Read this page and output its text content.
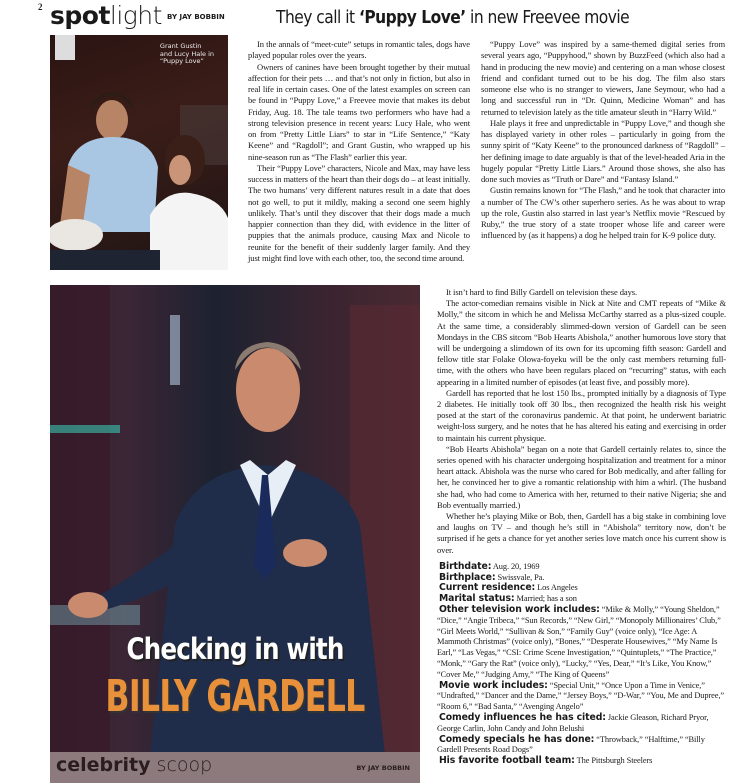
2 spotlight BY JAY BOBBIN	They call it ‘Puppy Love’ in new Freevee movie
Grant Gustin
and Lucy Hale in
“Puppy Love”

In the annals of “meet-cute” setups in romantic tales, dogs have played popular roles over the years.

Owners of canines have been brought together by their mutual affection for their pets … and that’s not only in fiction, but also in real life in certain cases. One of the latest examples on screen can be found in “Puppy Love,” a Freevee movie that makes its debut Friday, Aug. 18. The tale teams two performers who have had a strong television presence in recent years: Lucy Hale, who went on from “Pretty Little Liars” to star in “Life Sentence,” “Katy Keene” and “Ragdoll”; and Grant Gustin, who wrapped up his nine-season run as “The Flash” earlier this year.

Their “Puppy Love” characters, Nicole and Max, may have less success in matters of the heart than their dogs do – at least initially. The two humans’ very different natures result in a date that does not go well, to put it mildly, making a second one seem highly unlikely. That’s until they discover that their dogs made a much happier connection than they did, with evidence in the litter of puppies that the animals produce, causing Max and Nicole to reunite for the benefit of their suddenly larger family. And they just might find love with each other, too, the second time around.

“Puppy Love” was inspired by a same-themed digital series from several years ago, “Puppyhood,” shown by BuzzFeed (which also had a hand in producing the new movie) and centering on a man whose closest friend and confidant turned out to be his dog. The film also stars someone else who is no stranger to viewers, Jane Seymour, who had a long and successful run in “Dr. Quinn, Medicine Woman” and has returned to television lately as the title amateur sleuth in “Harry Wild.”

Hale plays it free and unpredictable in “Puppy Love,” and though she has displayed variety in other roles – particularly in going from the sunny spirit of “Katy Keene” to the pronounced darkness of “Ragdoll” – her defining image to date arguably is that of the level-headed Aria in the hugely popular “Pretty Little Liars.” Around those shows, she also has done such movies as “Truth or Dare” and “Fantasy Island.”

Gustin remains known for “The Flash,” and he took that character into a number of The CW’s other superhero series. As he was about to wrap up the role, Gustin also starred in last year’s Netflix movie “Rescued by Ruby,” the true story of a state trooper whose life and career were influenced by (as it happens) a dog he helped train for K-9 police duty.

Checking in with
BILLY GARDELL
celebrity scoop	BY JAY BOBBIN

It isn’t hard to find Billy Gardell on television these days.

The actor-comedian remains visible in Nick at Nite and CMT repeats of “Mike & Molly,” the sitcom in which he and Melissa McCarthy starred as a plus-sized couple. At the same time, a considerably slimmed-down version of Gardell can be seen Mondays in the CBS sitcom “Bob Hearts Abishola,” another humorous love story that will be undergoing a slimdown of its own for its upcoming fifth season: Gardell and fellow title star Folake Olowa-foyeku will be the only cast members returning full-time, with the others who have been regulars placed on “recurring” status, with each appearing in a limited number of episodes (at least five, and possibly more).

Gardell has reported that he lost 150 lbs., prompted initially by a diagnosis of Type 2 diabetes. He initially took off 30 lbs., then recognized the health risk his weight posed at the start of the coronavirus pandemic. At that point, he underwent bariatric weight-loss surgery, and he notes that he has altered his eating and exercising in order to maintain his current physique.

“Bob Hearts Abishola” began on a note that Gardell certainly relates to, since the series opened with his character undergoing hospitalization and treatment for a minor heart attack. Abishola was the nurse who cared for Bob medically, and after falling for her, he convinced her to give a romantic relationship with him a whirl. (The husband she had, who had come to America with her, returned to their native Nigeria; she and Bob eventually married.)

Whether he’s playing Mike or Bob, then, Gardell has a big stake in combining love and laughs on TV – and though he’s still in “Abishola” territory now, don’t be surprised if he gets a chance for yet another series love match once his current show is over.

Birthdate: Aug. 20, 1969

Birthplace: Swissvale, Pa.

Current residence: Los Angeles

Marital status: Married; has a son

Other television work includes: “Mike & Molly,” “Young Sheldon,” “Dice,” “Angie Tribeca,” “Sun Records,” “New Girl,” “Monopoly Millionaires’ Club,” “Girl Meets World,” “Sullivan & Son,” “Family Guy” (voice only), “Ice Age: A Mammoth Christmas” (voice only), “Bones,” “Desperate Housewives,” “My Name Is Earl,” “Las Vegas,” “CSI: Crime Scene Investigation,” “Quintuplets,” “The Practice,” “Monk,” “Gary the Rat” (voice only), “Lucky,” “Yes, Dear,” “It’s Like, You Know,” “Cover Me,” “Judging Amy,” “The King of Queens”

Movie work includes: “Special Unit,” “Once Upon a Time in Venice,” “Undrafted,” “Dancer and the Dame,” “Jersey Boys,” “D-War,” “You, Me and Dupree,” “Room 6,” “Bad Santa,” “Avenging Angelo”

Comedy influences he has cited: Jackie Gleason, Richard Pryor, George Carlin, John Candy and John Belushi

Comedy specials he has done: “Throwback,” “Halftime,” “Billy Gardell Presents Road Dogs”

His favorite football team: The Pittsburgh Steelers
